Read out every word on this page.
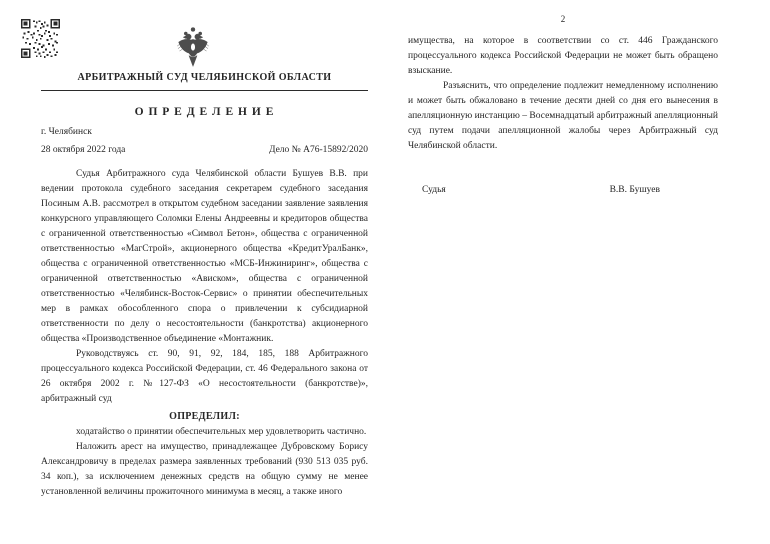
АРБИТРАЖНЫЙ СУД ЧЕЛЯБИНСКОЙ ОБЛАСТИ
О П Р Е Д Е Л Е Н И Е
г. Челябинск
28 октября 2022 года	Дело № А76-15892/2020

Судья Арбитражного суда Челябинской области Бушуев В.В. при ведении протокола судебного заседания секретарем судебного заседания Посиным А.В. рассмотрел в открытом судебном заседании заявление заявления конкурсного управляющего Соломки Елены Андреевны и кредиторов общества с ограниченной ответственностью «Символ Бетон», общества с ограниченной ответственностью «МагСтрой», акционерного общества «КредитУралБанк», общества с ограниченной ответственностью «МСБ-Инжиниринг», общества с ограниченной ответственностью «Ависком», общества с ограниченной ответственностью «Челябинск-Восток-Сервис» о принятии обеспечительных мер в рамках обособленного спора о привлечении к субсидиарной ответственности по делу о несостоятельности (банкротства) акционерного общества «Производственное объединение «Монтажник.

Руководствуясь ст. 90, 91, 92, 184, 185, 188 Арбитражного процессуального кодекса Российской Федерации, ст. 46 Федерального закона от 26 октября 2002 г. №127-ФЗ «О несостоятельности (банкротстве)», арбитражный суд

ОПРЕДЕЛИЛ:

ходатайство о принятии обеспечительных мер удовлетворить частично.

Наложить арест на имущество, принадлежащее Дубровскому Борису Александровичу в пределах размера заявленных требований (930 513 035 руб. 34 коп.), за исключением денежных средств на общую сумму не менее установленной величины прожиточного минимума в месяц, а также иного

2

имущества, на которое в соответствии со ст. 446 Гражданского процессуального кодекса Российской Федерации не может быть обращено взыскание.

Разъяснить, что определение подлежит немедленному исполнению и может быть обжаловано в течение десяти дней со дня его вынесения в апелляционную инстанцию – Восемнадцатый арбитражный апелляционный суд путем подачи апелляционной жалобы через Арбитражный суд Челябинской области.

Судья	В.В. Бушуев
